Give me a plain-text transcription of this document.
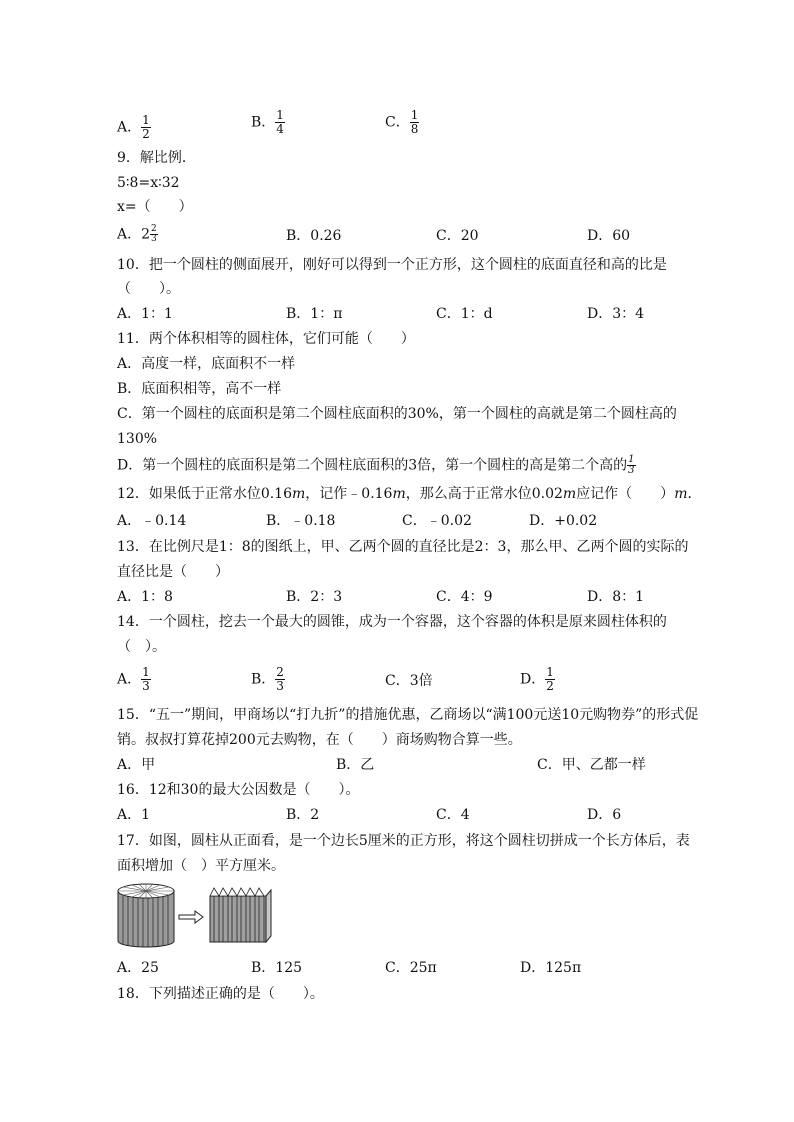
A． $\frac{1}{2}$	B． $\frac{1}{4}$	C． $\frac{1}{8}$
9．解比例．
5∶8=x∶32
x=（　　）
A．$2 \frac{2}{3}$	B．0.26	C．20	D．60
10．把一个圆柱的侧面展开，刚好可以得到一个正方形，这个圆柱的底面直径和高的比是
（　　）。
A．1：1	B．1：π	C．1：d	D．3：4
11．两个体积相等的圆柱体，它们可能（　　）
A．高度一样，底面积不一样
B．底面积相等，高不一样
C．第一个圆柱的底面积是第二个圆柱底面积的30%，第一个圆柱的高就是第二个圆柱高的
130%
D．第一个圆柱的底面积是第二个圆柱底面积的3倍，第一个圆柱的高是第二个高的 $\frac{1}{3}$
12．如果低于正常水位0.16m，记作﹣0.16m，那么高于正常水位0.02m应记作（　　）m．
A．﹣0.14	B．﹣0.18	C．﹣0.02	D．+0.02
13．在比例尺是1：8的图纸上，甲、乙两个圆的直径比是2：3，那么甲、乙两个圆的实际的
直径比是（　　）
A．1：8	B．2：3	C．4：9	D．8：1
14．一个圆柱，挖去一个最大的圆锥，成为一个容器，这个容器的体积是原来圆柱体积的
（　）。
A． $\frac{1}{3}$	B． $\frac{2}{3}$	C．3倍	D． $\frac{1}{2}$
15．“五一”期间，甲商场以“打九折”的措施优惠，乙商场以“满100元送10元购物券”的形式促
销。叔叔打算花掉200元去购物，在（　　）商场购物合算一些。
A．甲	B．乙	C．甲、乙都一样
16．12和30的最大公因数是（　　）。
A．1	B．2	C．4	D．6
17．如图，圆柱从正面看，是一个边长5厘米的正方形，将这个圆柱切拼成一个长方体后，表
面积增加（　）平方厘米。
A．25	B．125	C．25π	D．125π
18．下列描述正确的是（　　）。
